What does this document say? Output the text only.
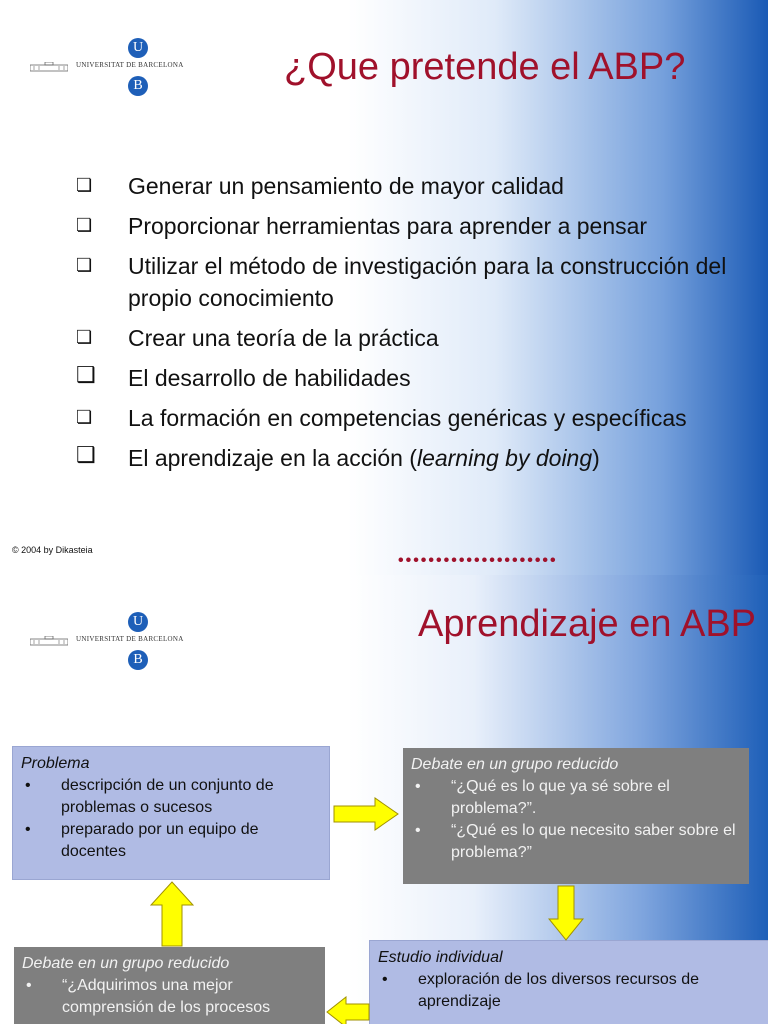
UNIVERSITAT DE BARCELONA
U
B	¿Que pretende el ABP?
❏ Generar un pensamiento de mayor calidad
❏ Proporcionar herramientas para aprender a pensar
❏ Utilizar el método de investigación para la construcción del propio conocimiento
❏ Crear una teoría de la práctica
❑ El desarrollo de habilidades
❏ La formación en competencias genéricas y específicas
❑ El aprendizaje en la acción (learning by doing)
© 2004 by Dikasteia
•••••••••••••••••••••
UNIVERSITAT DE BARCELONA
U
B
Aprendizaje en ABP
Problema
• descripción de un conjunto de problemas o sucesos
• preparado por un equipo de docentes
Debate en un grupo reducido
• “¿Qué es lo que ya sé sobre el problema?”.
• “¿Qué es lo que necesito saber sobre el problema?”
Estudio individual
• exploración de los diversos recursos de aprendizaje
Debate en un grupo reducido
• “¿Adquirimos una mejor comprensión de los procesos
